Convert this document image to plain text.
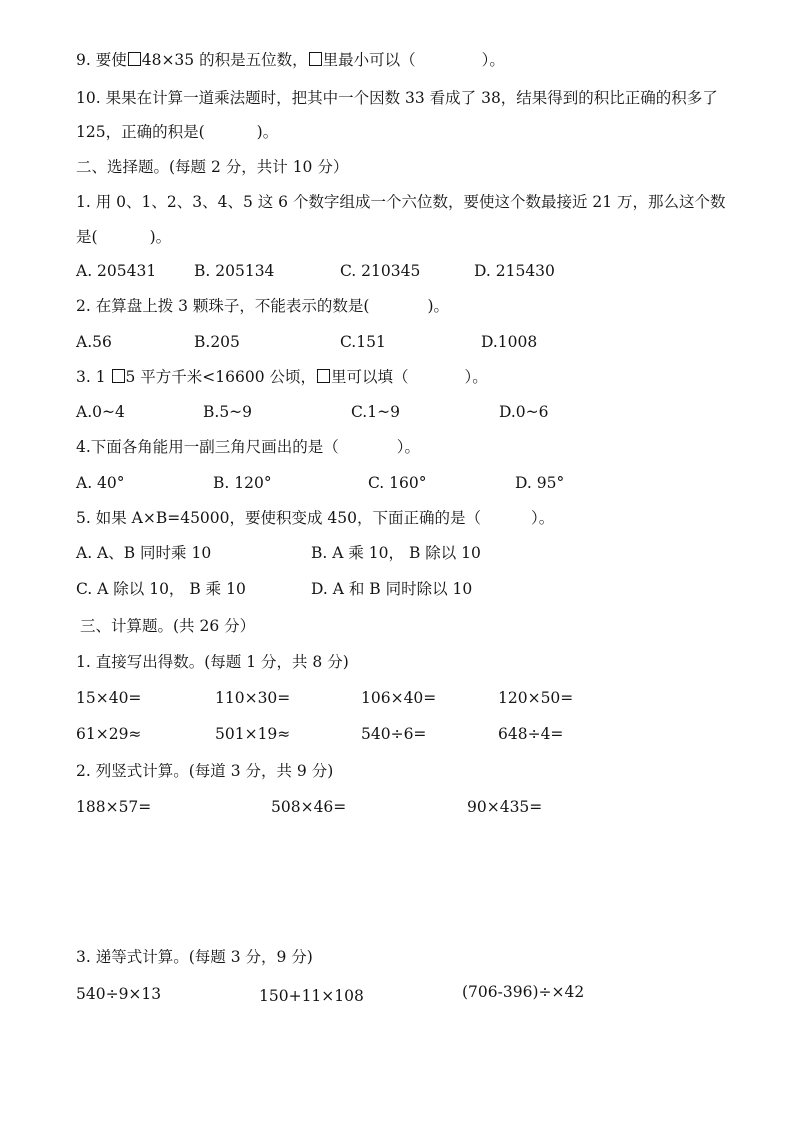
9. 要使 48×35 的积是五位数， 里最小可以（	）。
10. 果果在计算一道乘法题时，把其中一个因数 33 看成了 38，结果得到的积比正确的积多了
125，正确的积是(	)。
二、选择题。(每题 2 分，共计 10 分）
1. 用 0、1、2、3、4、5 这 6 个数字组成一个六位数，要使这个数最接近 21 万，那么这个数
是(	)。
A. 205431 B. 205134	C. 210345	D. 215430
2. 在算盘上拨 3 颗珠子，不能表示的数是(	)。
A.56	B.205	C.151	D.1008
3. 1 5 平方千米<16600 公顷， 里可以填（	）。
A.0~4	B.5~9	C.1~9	D.0~6
4.下面各角能用一副三角尺画出的是（	）。
A. 40°	B. 120°	C. 160°	D. 95°
5. 如果 A×B=45000，要使积变成 450，下面正确的是（	）。
A. A、B 同时乘 10	B. A 乘 10， B 除以 10
C. A 除以 10， B 乘 10	D. A 和 B 同时除以 10
三、计算题。(共 26 分）
1. 直接写出得数。(每题 1 分，共 8 分)
15×40=	110×30=	106×40=	120×50=
61×29≈	501×19≈	540÷6=	648÷4=
2. 列竖式计算。(每道 3 分，共 9 分)
188×57=	508×46=	90×435=
3. 递等式计算。(每题 3 分，9 分)
540÷9×13	150+11×108	(706-396)÷×42
